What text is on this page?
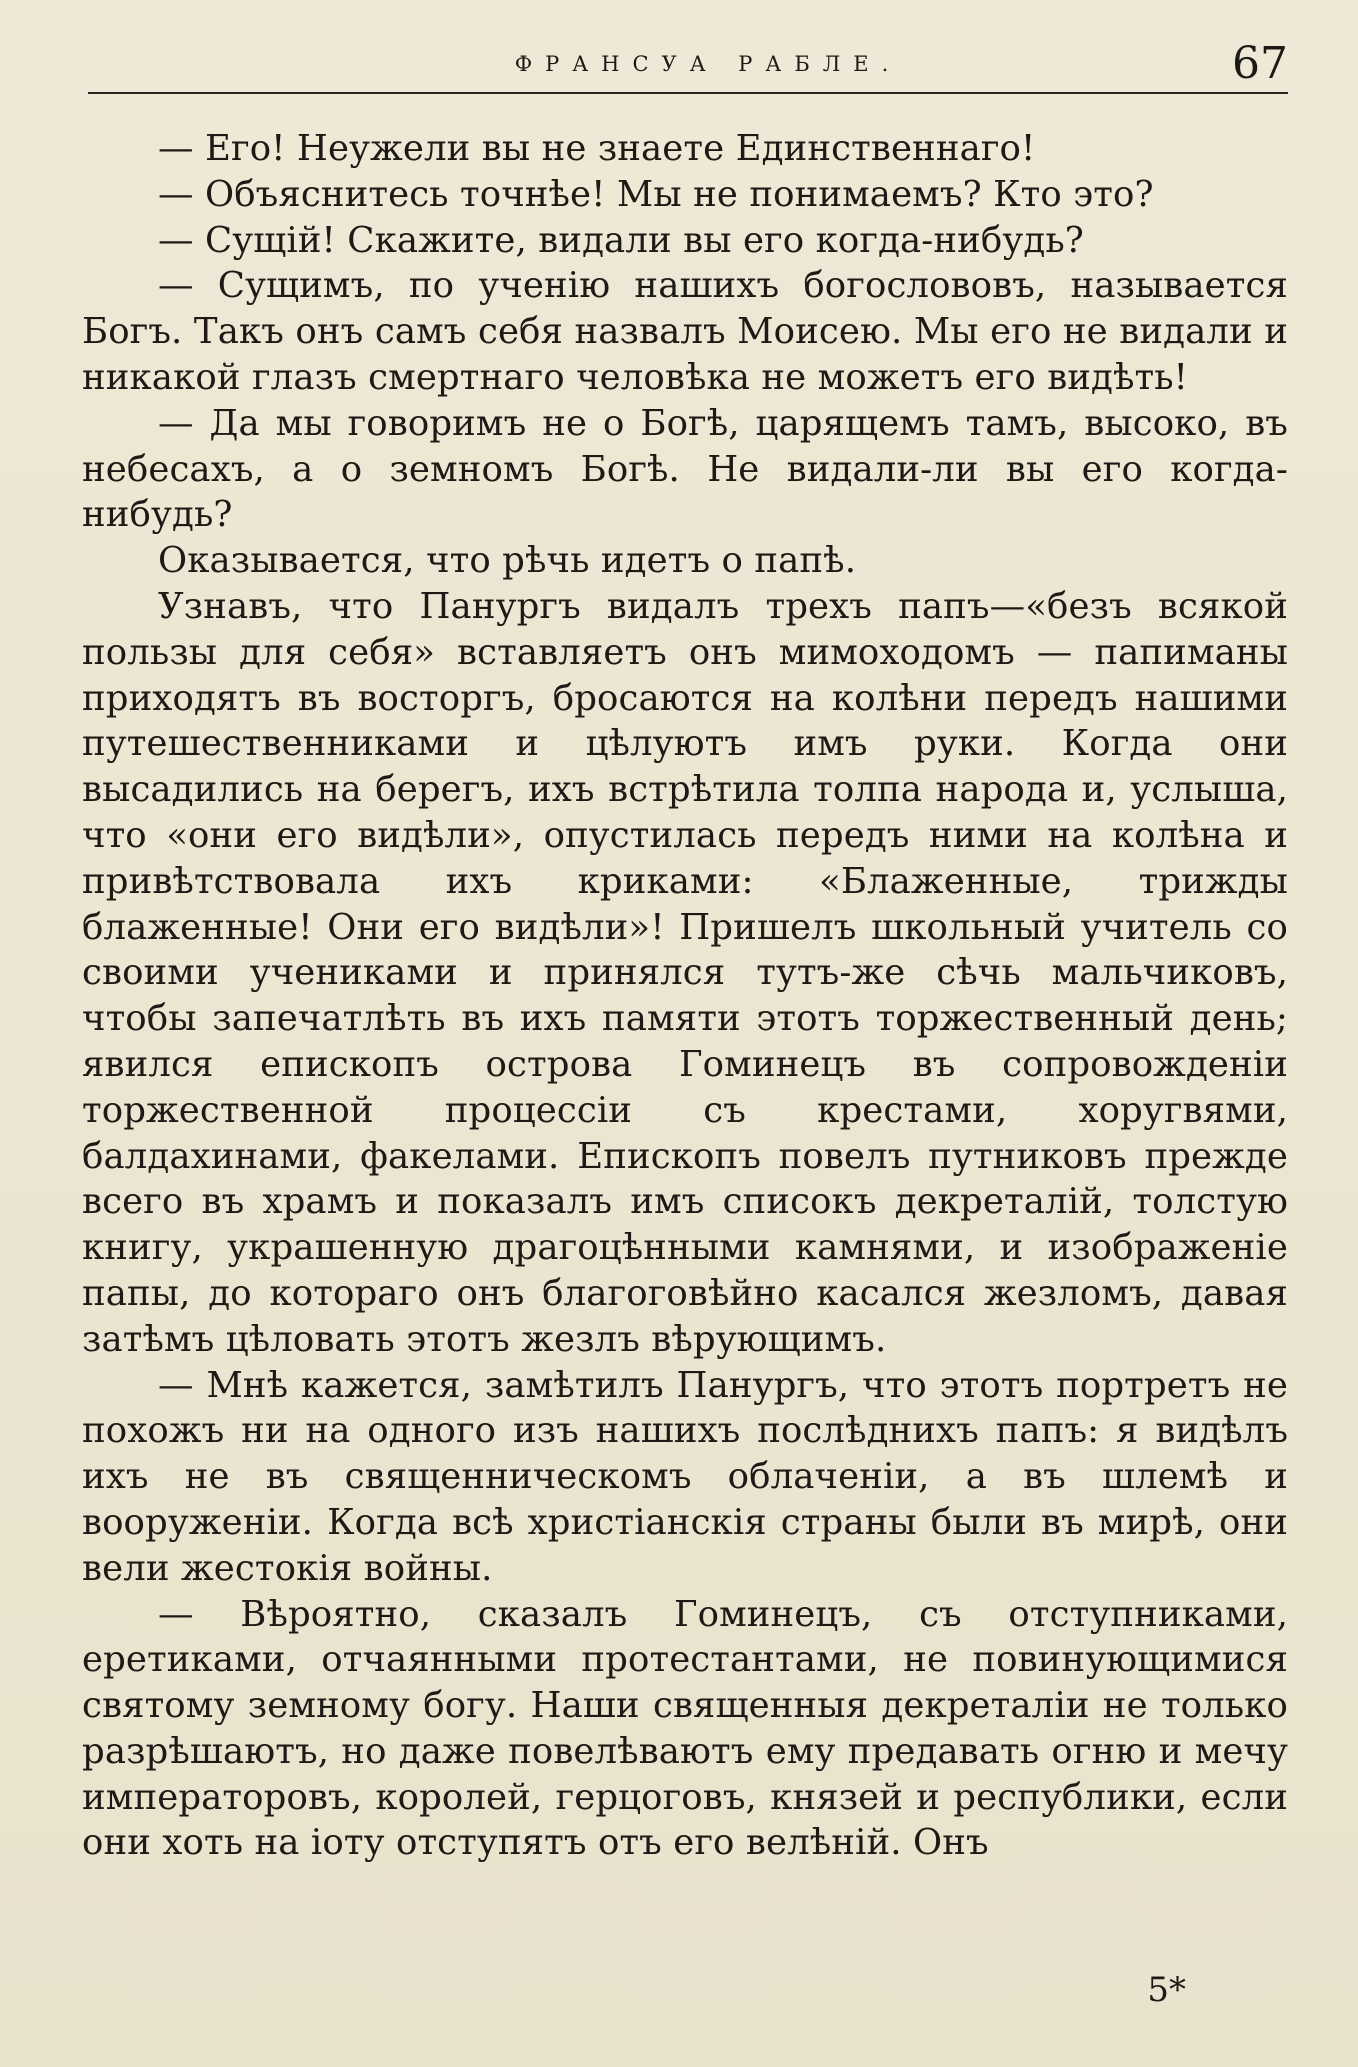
ФРАНСУА РАБЛЕ.	67

— Его! Неужели вы не знаете Единственнаго!

— Объяснитесь точнѣе! Мы не понимаемъ? Кто это?

— Сущій! Скажите, видали вы его когда-нибудь?

— Сущимъ, по ученію нашихъ богослововъ, называется Богъ. Такъ онъ самъ себя назвалъ Моисею. Мы его не видали и никакой глазъ смертнаго человѣка не можетъ его видѣть!

— Да мы говоримъ не о Богѣ, царящемъ тамъ, высоко, въ небесахъ, а о земномъ Богѣ. Не видали-ли вы его когда-нибудь?

Оказывается, что рѣчь идетъ о папѣ.

Узнавъ, что Панургъ видалъ трехъ папъ—«безъ всякой пользы для себя» вставляетъ онъ мимоходомъ — папиманы приходятъ въ восторгъ, бросаются на колѣни передъ нашими путешественниками и цѣлуютъ имъ руки. Когда они высадились на берегъ, ихъ встрѣтила толпа народа и, услыша, что «они его видѣли», опустилась передъ ними на колѣна и привѣтствовала ихъ криками: «Блаженные, трижды блаженные! Они его видѣли»! Пришелъ школьный учитель со своими учениками и принялся тутъ-же сѣчь мальчиковъ, чтобы запечатлѣть въ ихъ памяти этотъ торжественный день; явился епископъ острова Гоминецъ въ сопровожденіи торжественной процессіи съ крестами, хоругвями, балдахинами, факелами. Епископъ повелъ путниковъ прежде всего въ храмъ и показалъ имъ списокъ декреталій, толстую книгу, украшенную драгоцѣнными камнями, и изображеніе папы, до котораго онъ благоговѣйно касался жезломъ, давая затѣмъ цѣловать этотъ жезлъ вѣрующимъ.

— Мнѣ кажется, замѣтилъ Панургъ, что этотъ портретъ не похожъ ни на одного изъ нашихъ послѣднихъ папъ: я видѣлъ ихъ не въ священническомъ облаченіи, а въ шлемѣ и вооруженіи. Когда всѣ христіанскія страны были въ мирѣ, они вели жестокія войны.

— Вѣроятно, сказалъ Гоминецъ, съ отступниками, еретиками, отчаянными протестантами, не повинующимися святому земному богу. Наши священныя декреталіи не только разрѣшаютъ, но даже повелѣваютъ ему предавать огню и мечу императоровъ, королей, герцоговъ, князей и республики, если они хоть на іоту отступятъ отъ его велѣній. Онъ

5*
